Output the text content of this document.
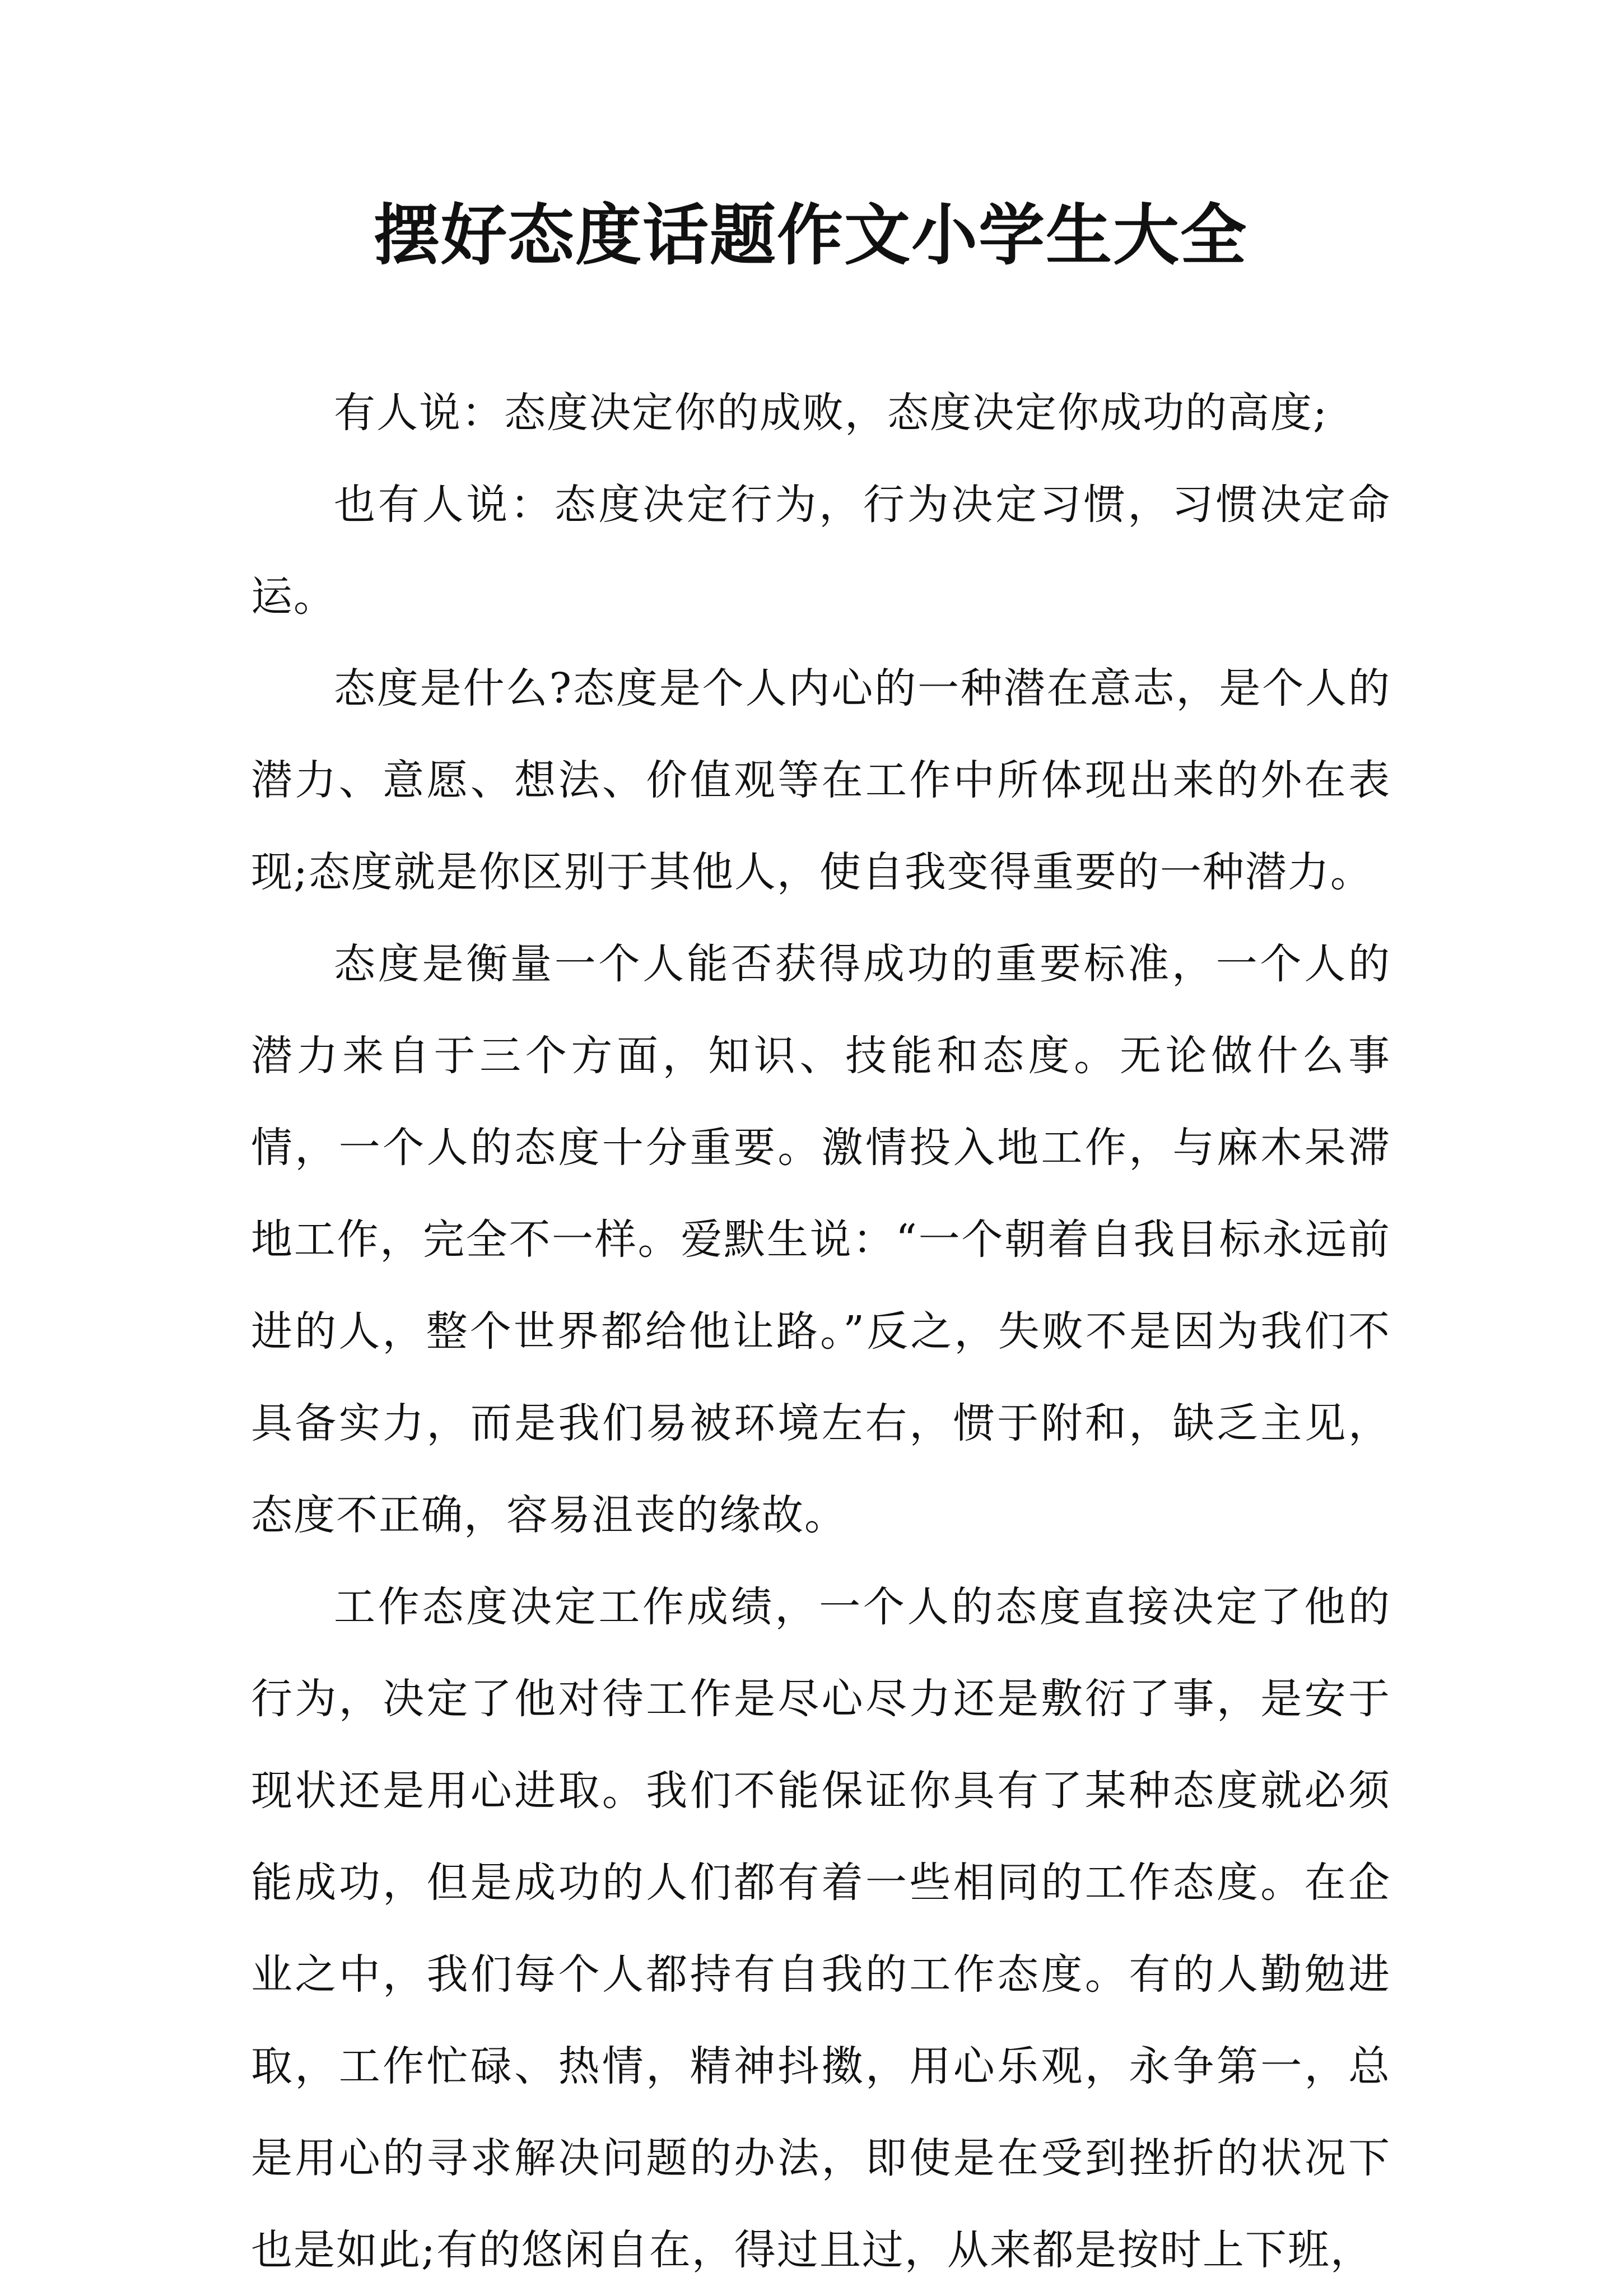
摆好态度话题作文小学生大全

有人说：态度决定你的成败，态度决定你成功的高度;

也有人说：态度决定行为，行为决定习惯，习惯决定命运。

态度是什么?态度是个人内心的一种潜在意志，是个人的潜力、意愿、想法、价值观等在工作中所体现出来的外在表现;态度就是你区别于其他人，使自我变得重要的一种潜力。

态度是衡量一个人能否获得成功的重要标准，一个人的潜力来自于三个方面，知识、技能和态度。无论做什么事情，一个人的态度十分重要。激情投入地工作，与麻木呆滞地工作，完全不一样。爱默生说：“一个朝着自我目标永远前进的人，整个世界都给他让路。”反之，失败不是因为我们不具备实力，而是我们易被环境左右，惯于附和，缺乏主见，态度不正确，容易沮丧的缘故。

工作态度决定工作成绩，一个人的态度直接决定了他的行为，决定了他对待工作是尽心尽力还是敷衍了事，是安于现状还是用心进取。我们不能保证你具有了某种态度就必须能成功，但是成功的人们都有着一些相同的工作态度。在企业之中，我们每个人都持有自我的工作态度。有的人勤勉进取，工作忙碌、热情，精神抖擞，用心乐观，永争第一，总是用心的寻求解决问题的办法，即使是在受到挫折的状况下也是如此;有的悠闲自在，得过且过，从来都是按时上下班，
